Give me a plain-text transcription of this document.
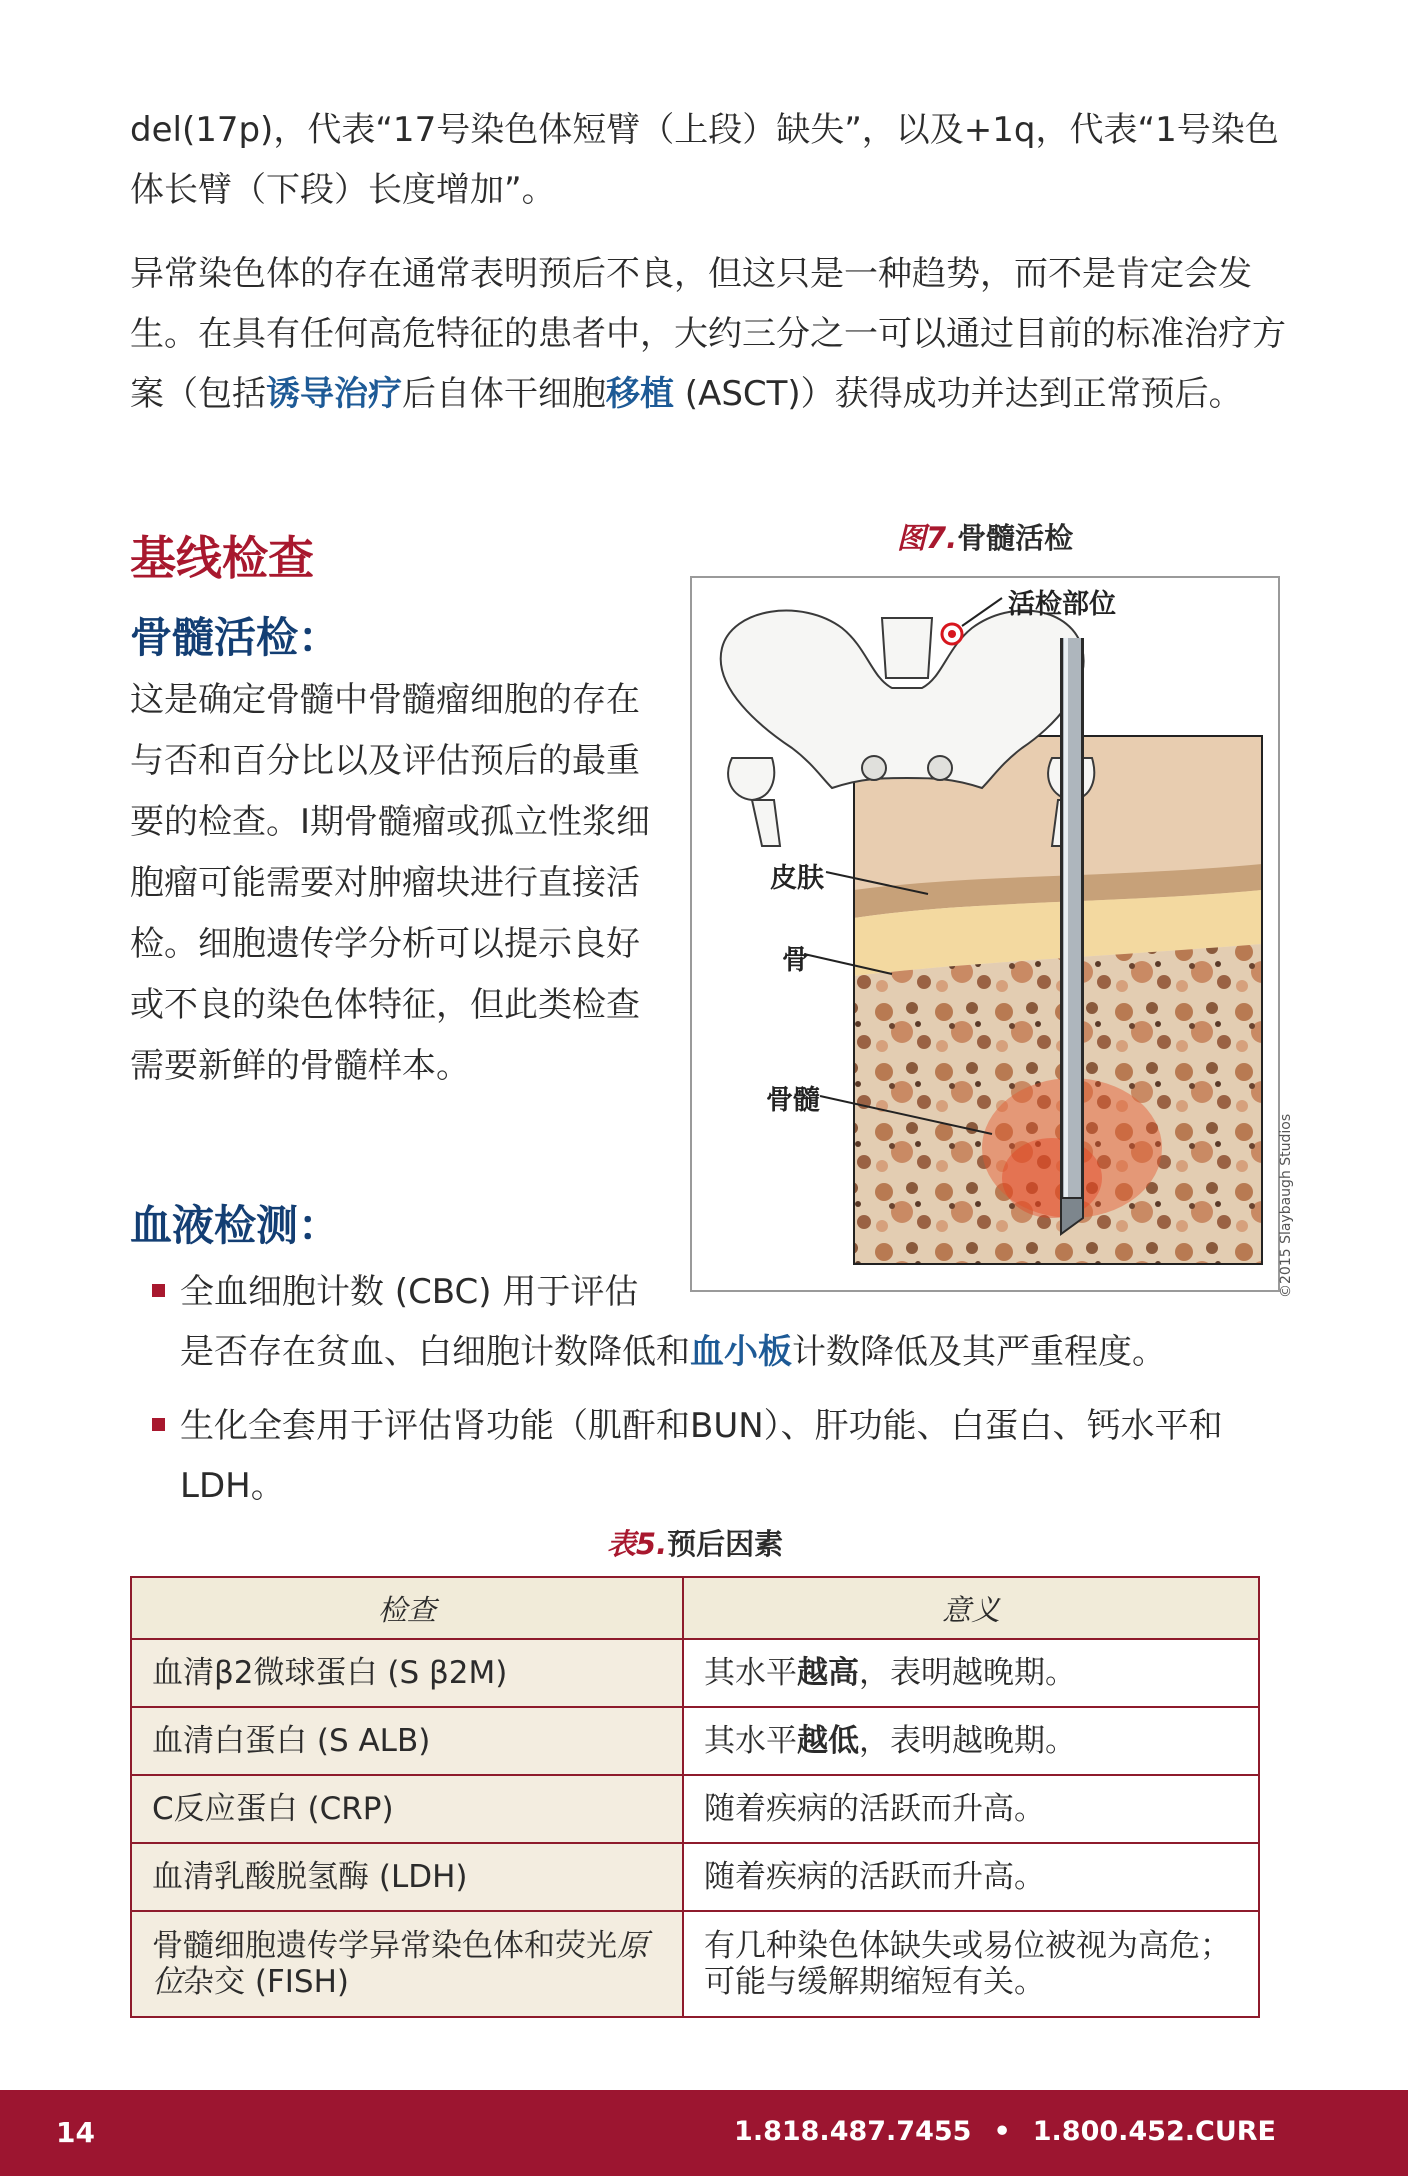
del(17p)，代表“17号染色体短臂（上段）缺失”，以及+1q，代表“1号染色体长臂（下段）长度增加”。

异常染色体的存在通常表明预后不良，但这只是一种趋势，而不是肯定会发生。在具有任何高危特征的患者中，大约三分之一可以通过目前的标准治疗方案（包括诱导治疗后自体干细胞移植 (ASCT)）获得成功并达到正常预后。

基线检查
骨髓活检：

这是确定骨髓中骨髓瘤细胞的存在与否和百分比以及评估预后的最重要的检查。I期骨髓瘤或孤立性浆细胞瘤可能需要对肿瘤块进行直接活检。细胞遗传学分析可以提示良好或不良的染色体特征，但此类检查需要新鲜的骨髓样本。

图7.骨髓活检
活检部位
皮肤
骨
骨髓
©2015 Slaybaugh Studios
血液检测：
全血细胞计数 (CBC) 用于评估
是否存在贫血、白细胞计数降低和血小板计数降低及其严重程度。
生化全套用于评估肾功能（肌酐和BUN）、肝功能、白蛋白、钙水平和LDH。
表5.预后因素
检查	意义
血清β2微球蛋白 (S β2M)	其水平越高，表明越晚期。
血清白蛋白 (S ALB)	其水平越低，表明越晚期。
C反应蛋白 (CRP)	随着疾病的活跃而升高。
血清乳酸脱氢酶 (LDH)	随着疾病的活跃而升高。
骨髓细胞遗传学异常染色体和荧光原位杂交 (FISH)	有几种染色体缺失或易位被视为高危；可能与缓解期缩短有关。
14	1.818.487.7455 • 1.800.452.CURE
